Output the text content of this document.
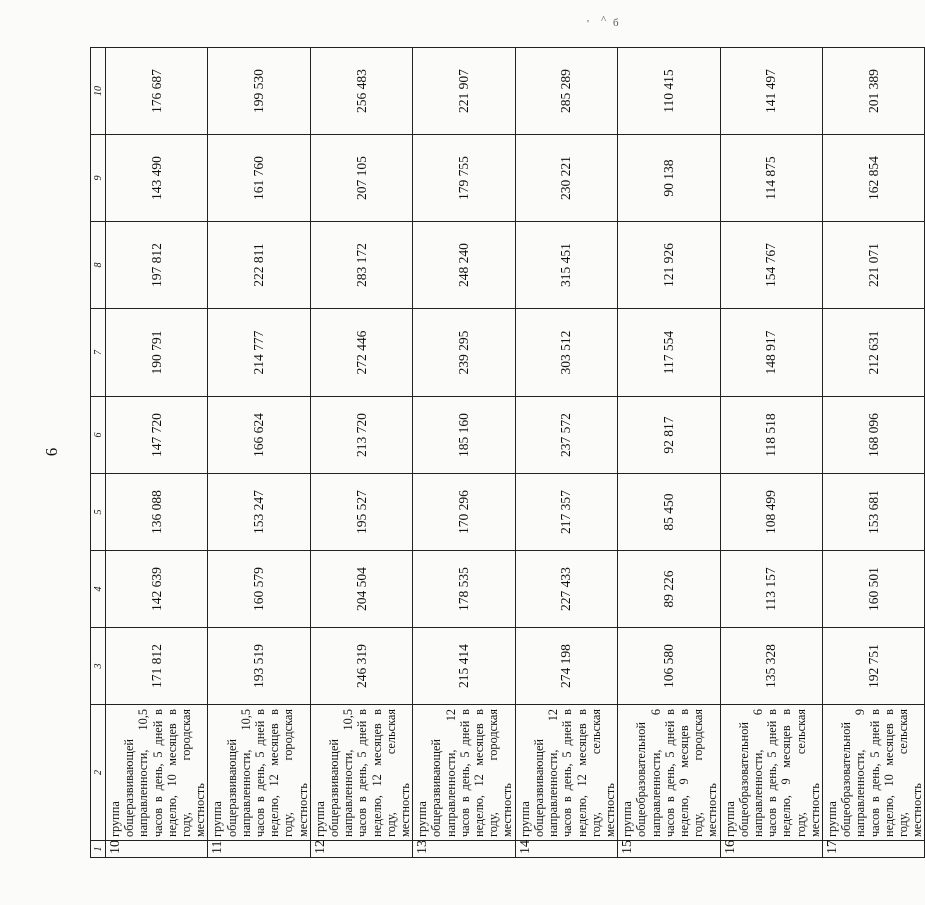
' ^ б
6
1	2	3	4	5	6	7	8	9	10
10	группа общеразвивающей направленности, 10,5 часов в день, 5 дней в неделю, 10 месяцев в году, городская местность	171 812	142 639	136 088	147 720	190 791	197 812	143 490	176 687
11	группа общеразвивающей направленности, 10,5 часов в день, 5 дней в неделю, 12 месяцев в году, городская местность	193 519	160 579	153 247	166 624	214 777	222 811	161 760	199 530
12	группа общеразвивающей направленности, 10,5 часов в день, 5 дней в неделю, 12 месяцев в году, сельская местность	246 319	204 504	195 527	213 720	272 446	283 172	207 105	256 483
13	группа общеразвивающей направленности, 12 часов в день, 5 дней в неделю, 12 месяцев в году, городская местность	215 414	178 535	170 296	185 160	239 295	248 240	179 755	221 907
14	группа общеразвивающей направленности, 12 часов в день, 5 дней в неделю, 12 месяцев в году, сельская местность	274 198	227 433	217 357	237 572	303 512	315 451	230 221	285 289
15	группа общеобразовательной направленности, 6 часов в день, 5 дней в неделю, 9 месяцев в году, городская местность	106 580	89 226	85 450	92 817	117 554	121 926	90 138	110 415
16	группа общеобразовательной направленности, 6 часов в день, 5 дней в неделю, 9 месяцев в году, сельская местность	135 328	113 157	108 499	118 518	148 917	154 767	114 875	141 497
17	группа общеобразовательной направленности, 9 часов в день, 5 дней в неделю, 10 месяцев в году, сельская местность	192 751	160 501	153 681	168 096	212 631	221 071	162 854	201 389
